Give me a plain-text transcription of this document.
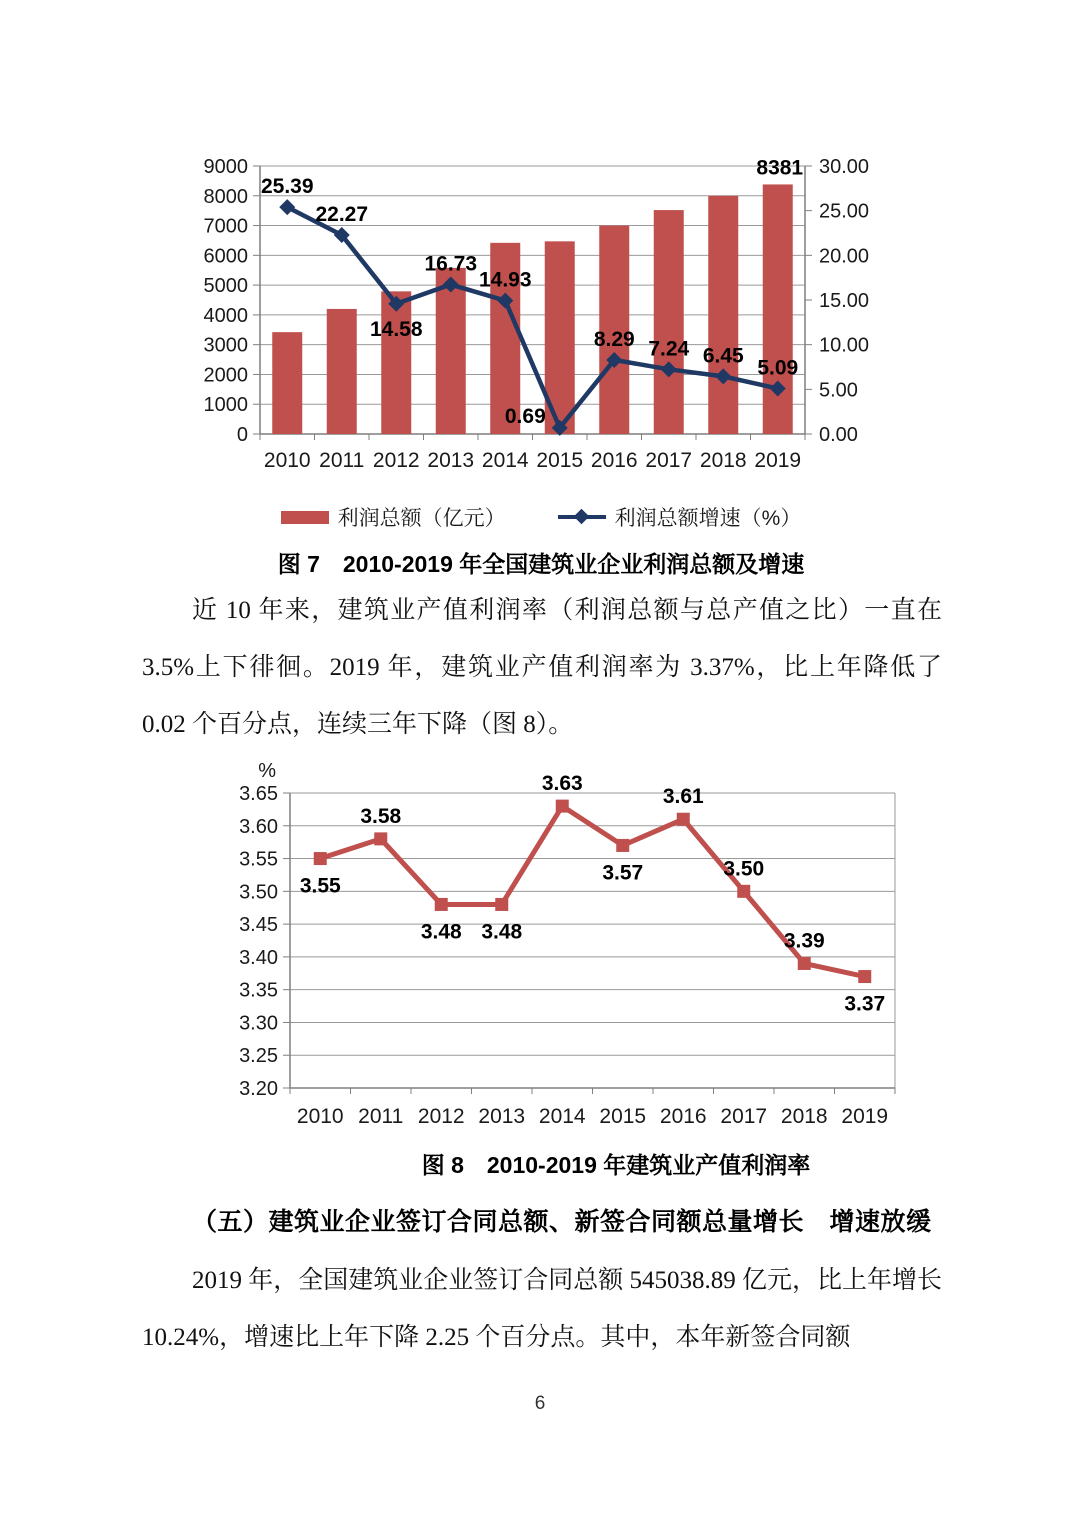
0
1000
2000
3000
4000
5000
6000
7000
8000
9000
0.00
5.00
10.00
15.00
20.00
25.00
30.00
2010 2011 2012 2013 2014 2015 2016 2017 2018 2019
8381
25.39
22.27
14.58
16.73
14.93
0.69
8.29 7.24 6.45
5.09
利润总额（亿元）	利润总额增速（%）
图 7　2010-2019 年全国建筑业企业利润总额及增速

近 10 年来，建筑业产值利润率（利润总额与总产值之比）一直在 3.5%上下徘徊。2019 年，建筑业产值利润率为 3.37%，比上年降低了 0.02 个百分点，连续三年下降（图 8）。

3.20
3.25
3.30
3.35
3.40
3.45
3.50
3.55
3.60
3.65
%
2010 2011 2012 2013 2014 2015 2016 2017 2018 2019
3.55
3.58
3.48 3.48
3.63
3.57
3.61
3.50
3.39
3.37
图 8　2010-2019 年建筑业产值利润率
（五）建筑业企业签订合同总额、新签合同额总量增长　增速放缓

2019 年，全国建筑业企业签订合同总额 545038.89 亿元，比上年增长 10.24%，增速比上年下降 2.25 个百分点。其中，本年新签合同额

6
